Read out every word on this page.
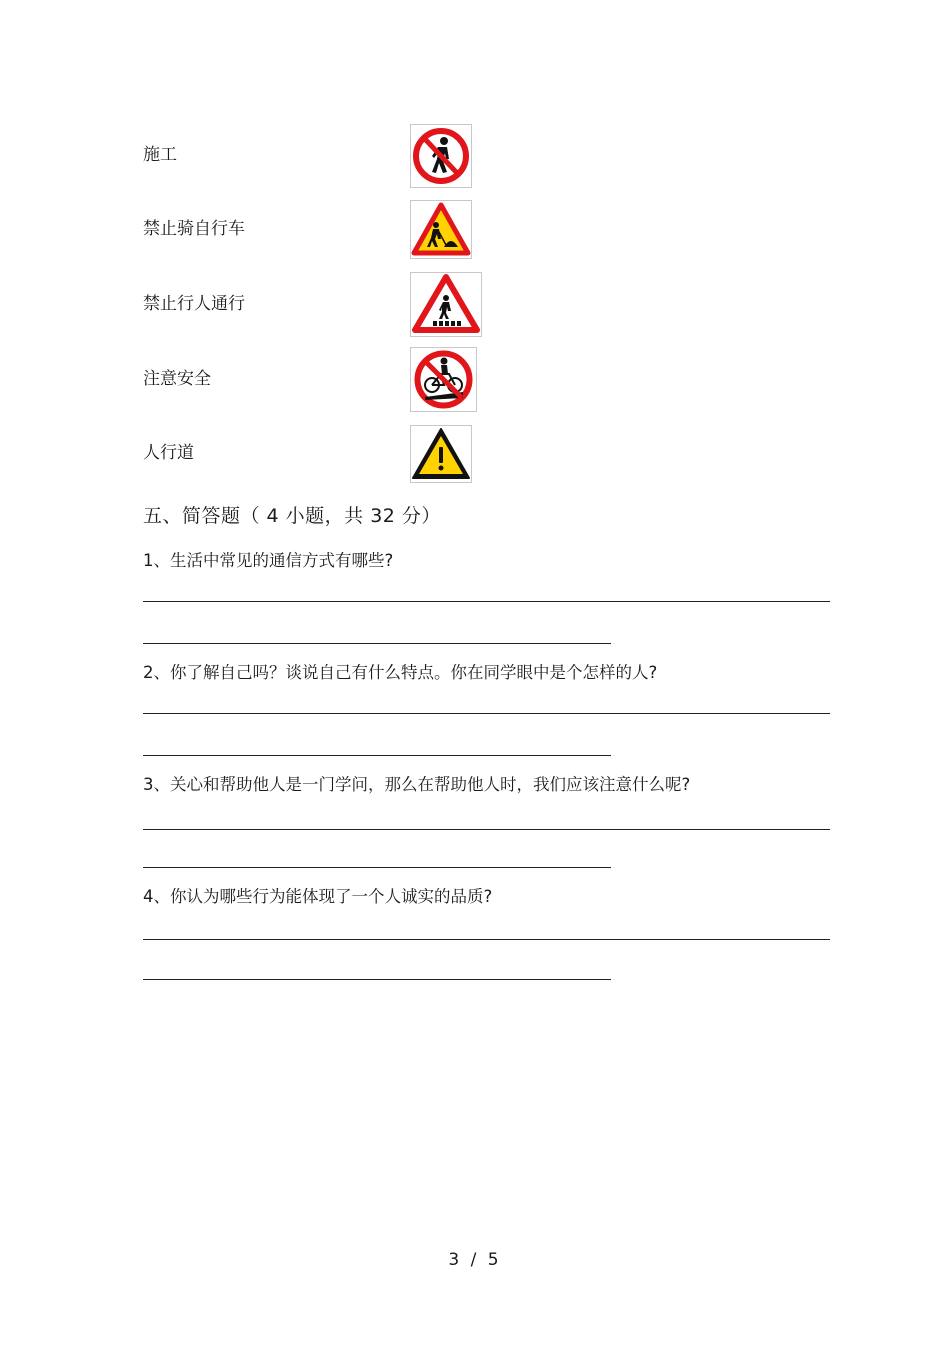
施工
禁止骑自行车
禁止行人通行
注意安全
人行道
五、简答题（ 4 小题，共 32 分）
1、生活中常见的通信方式有哪些?
2、你了解自己吗？谈说自己有什么特点。你在同学眼中是个怎样的人?
3、关心和帮助他人是一门学问，那么在帮助他人时，我们应该注意什么呢?
4、你认为哪些行为能体现了一个人诚实的品质?
3 / 5
